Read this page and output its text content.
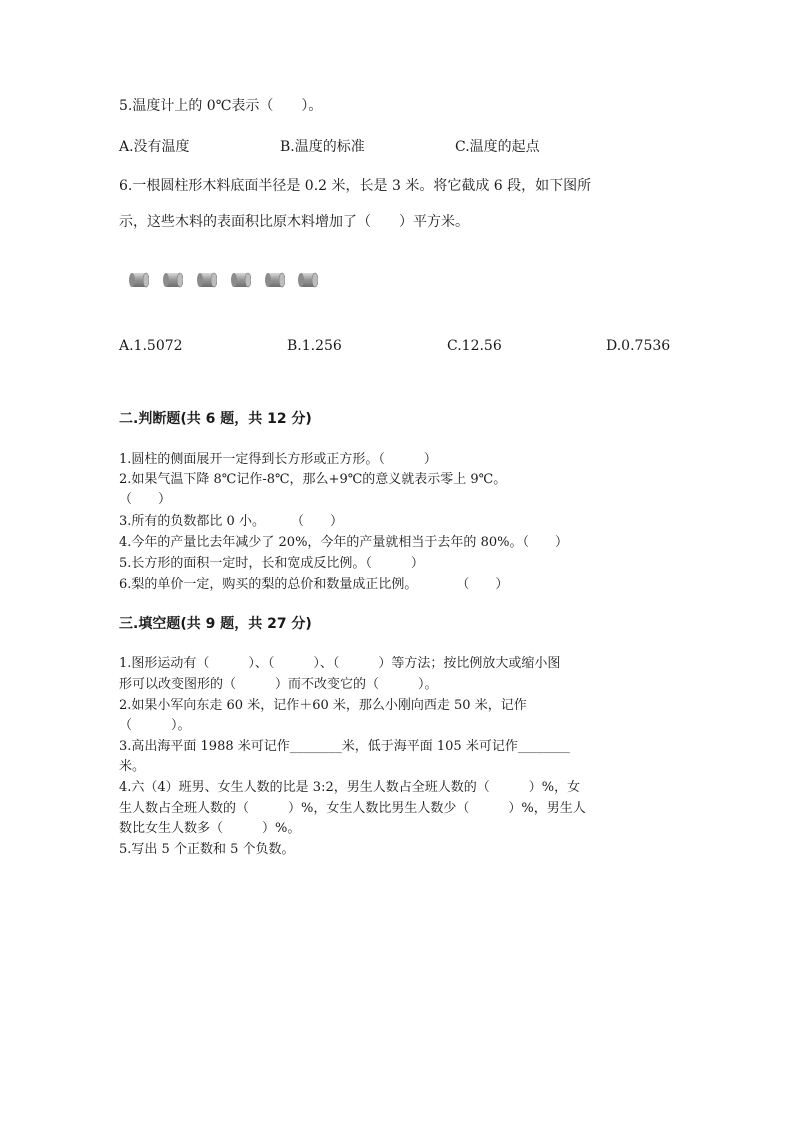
5.温度计上的 0℃表示（　　）。
A.没有温度	B.温度的标准	C.温度的起点
6.一根圆柱形木料底面半径是 0.2 米，长是 3 米。将它截成 6 段，如下图所
示，这些木料的表面积比原木料增加了（　　）平方米。
A.1.5072	B.1.256	C.12.56	D.0.7536
二.判断题(共 6 题，共 12 分)
1.圆柱的侧面展开一定得到长方形或正方形。（　　　）
2.如果气温下降 8℃记作-8℃，那么+9℃的意义就表示零上 9℃。
（　　）
3.所有的负数都比 0 小。　　　（　　）
4.今年的产量比去年减少了 20%，今年的产量就相当于去年的 80%。（　　）
5.长方形的面积一定时，长和宽成反比例。（　　　）
6.梨的单价一定，购买的梨的总价和数量成正比例。　　　　（　　）
三.填空题(共 9 题，共 27 分)
1.图形运动有（　　　）、（　　　）、（　　　）等方法；按比例放大或缩小图
形可以改变图形的（　　　）而不改变它的（　　　）。
2.如果小军向东走 60 米，记作＋60 米，那么小刚向西走 50 米，记作
（　　　）。
3.高出海平面 1988 米可记作________米，低于海平面 105 米可记作________
米。
4.六（4）班男、女生人数的比是 3:2，男生人数占全班人数的（　　　）%，女
生人数占全班人数的（　　　）%，女生人数比男生人数少（　　　）%，男生人
数比女生人数多（　　　）%。
5.写出 5 个正数和 5 个负数。
